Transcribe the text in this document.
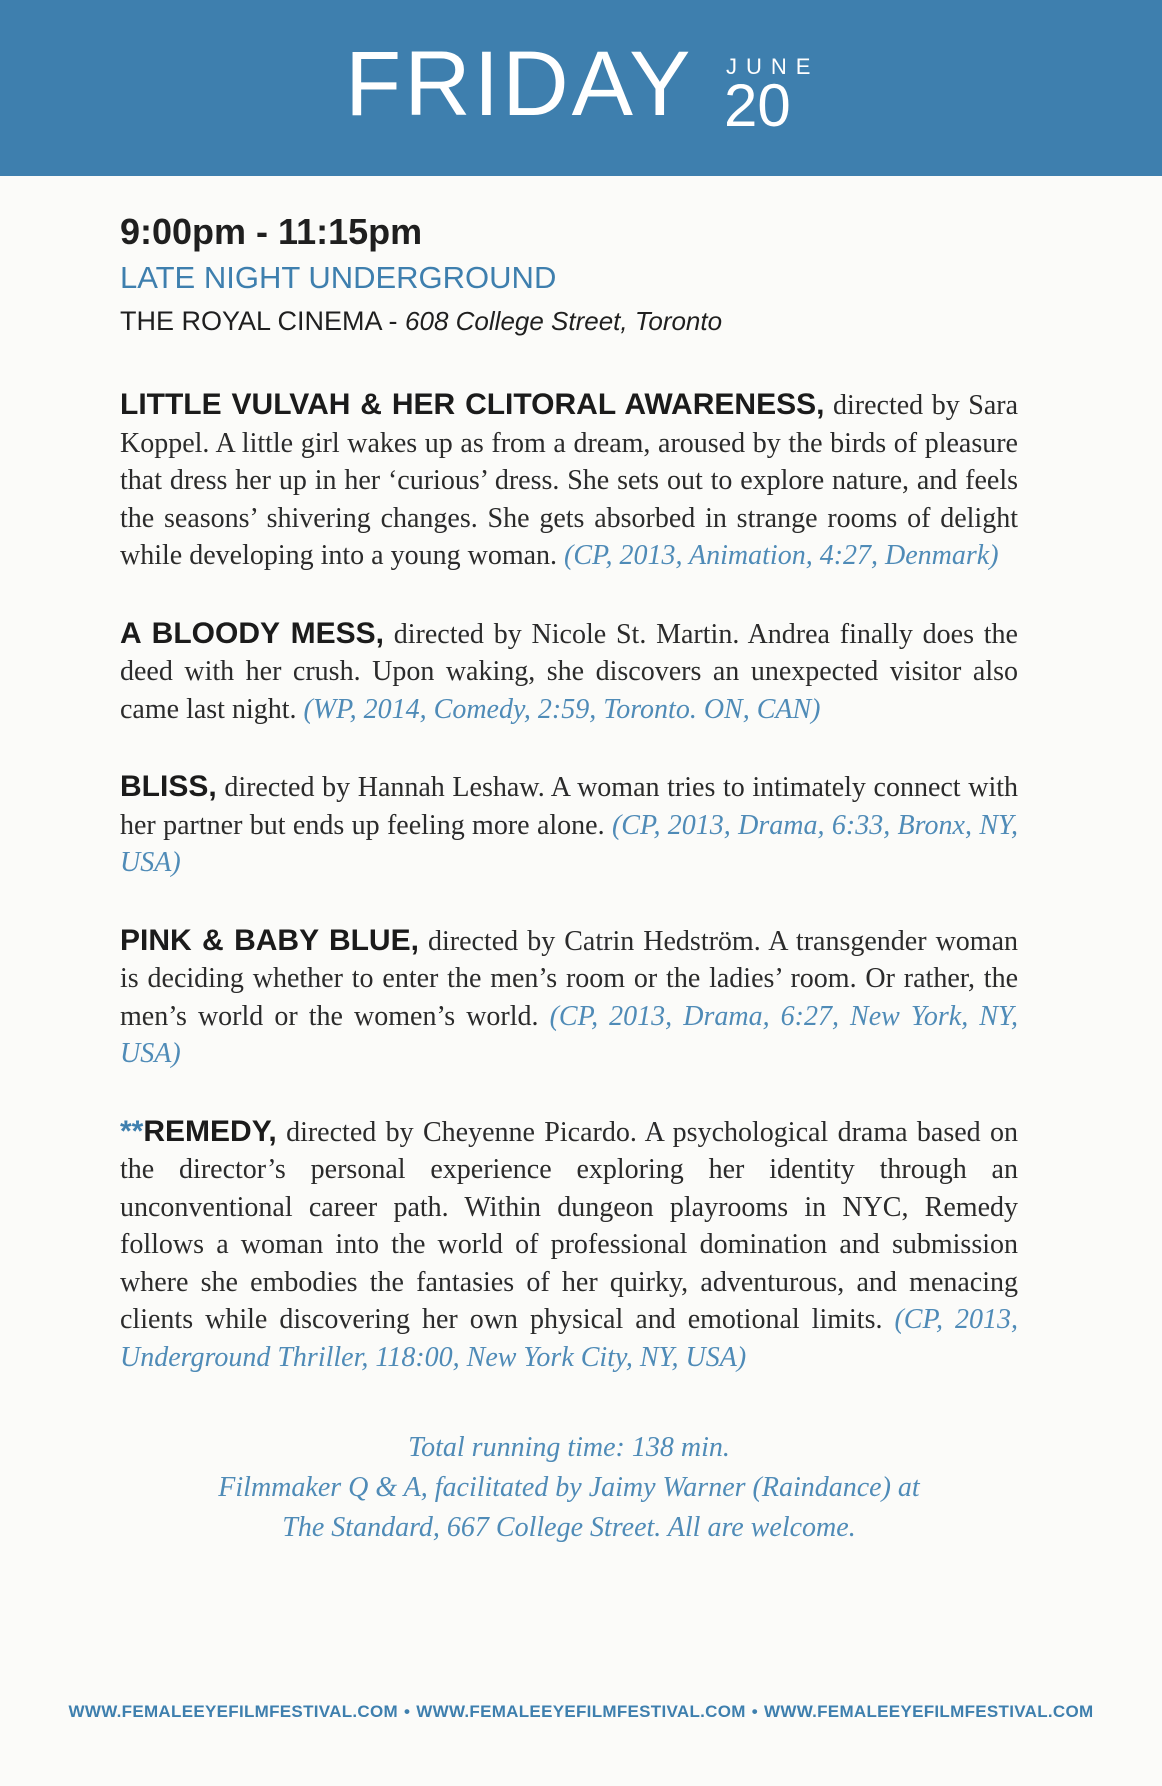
FRIDAY JUNE
20
9:00pm - 11:15pm
LATE NIGHT UNDERGROUND
THE ROYAL CINEMA - 608 College Street, Toronto
LITTLE VULVAH & HER CLITORAL AWARENESS, directed by Sara Koppel. A little girl wakes up as from a dream, aroused by the birds of pleasure that dress her up in her ‘curious’ dress. She sets out to explore nature, and feels the seasons’ shivering changes. She gets absorbed in strange rooms of delight while developing into a young woman. (CP, 2013, Animation, 4:27, Denmark)
A BLOODY MESS, directed by Nicole St. Martin. Andrea finally does the deed with her crush. Upon waking, she discovers an unexpected visitor also came last night. (WP, 2014, Comedy, 2:59, Toronto. ON, CAN)
BLISS, directed by Hannah Leshaw. A woman tries to intimately connect with her partner but ends up feeling more alone. (CP, 2013, Drama, 6:33, Bronx, NY, USA)
PINK & BABY BLUE, directed by Catrin Hedström. A transgender woman is deciding whether to enter the men’s room or the ladies’ room. Or rather, the men’s world or the women’s world. (CP, 2013, Drama, 6:27, New York, NY, USA)
**REMEDY, directed by Cheyenne Picardo. A psychological drama based on the director’s personal experience exploring her identity through an unconventional career path. Within dungeon playrooms in NYC, Remedy follows a woman into the world of professional domination and submission where she embodies the fantasies of her quirky, adventurous, and menacing clients while discovering her own physical and emotional limits. (CP, 2013, Underground Thriller, 118:00, New York City, NY, USA)
Total running time: 138 min.
Filmmaker Q & A, facilitated by Jaimy Warner (Raindance) at
The Standard, 667 College Street. All are welcome.
WWW.FEMALEEYEFILMFESTIVAL.COM • WWW.FEMALEEYEFILMFESTIVAL.COM • WWW.FEMALEEYEFILMFESTIVAL.COM
